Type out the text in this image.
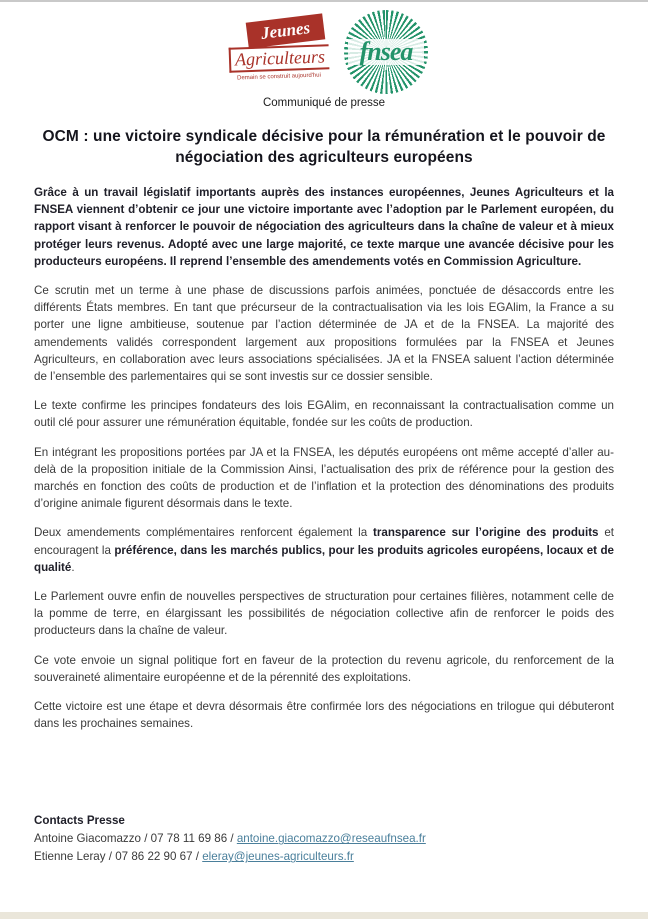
Jeunes
Agriculteurs
Demain se construit aujourd'hui
fnsea
Communiqué de presse
OCM : une victoire syndicale décisive pour la rémunération et le pouvoir de négociation des agriculteurs européens

Grâce à un travail législatif importants auprès des instances européennes, Jeunes Agriculteurs et la FNSEA viennent d’obtenir ce jour une victoire importante avec l’adoption par le Parlement européen, du rapport visant à renforcer le pouvoir de négociation des agriculteurs dans la chaîne de valeur et à mieux protéger leurs revenus. Adopté avec une large majorité, ce texte marque une avancée décisive pour les producteurs européens. Il reprend l’ensemble des amendements votés en Commission Agriculture.

Ce scrutin met un terme à une phase de discussions parfois animées, ponctuée de désaccords entre les différents États membres. En tant que précurseur de la contractualisation via les lois EGAlim, la France a su porter une ligne ambitieuse, soutenue par l’action déterminée de JA et de la FNSEA. La majorité des amendements validés correspondent largement aux propositions formulées par la FNSEA et Jeunes Agriculteurs, en collaboration avec leurs associations spécialisées. JA et la FNSEA saluent l’action déterminée de l’ensemble des parlementaires qui se sont investis sur ce dossier sensible.

Le texte confirme les principes fondateurs des lois EGAlim, en reconnaissant la contractualisation comme un outil clé pour assurer une rémunération équitable, fondée sur les coûts de production.

En intégrant les propositions portées par JA et la FNSEA, les députés européens ont même accepté d’aller au-delà de la proposition initiale de la Commission Ainsi, l’actualisation des prix de référence pour la gestion des marchés en fonction des coûts de production et de l’inflation et la protection des dénominations des produits d’origine animale figurent désormais dans le texte.

Deux amendements complémentaires renforcent également la transparence sur l’origine des produits et encouragent la préférence, dans les marchés publics, pour les produits agricoles européens, locaux et de qualité.

Le Parlement ouvre enfin de nouvelles perspectives de structuration pour certaines filières, notamment celle de la pomme de terre, en élargissant les possibilités de négociation collective afin de renforcer le poids des producteurs dans la chaîne de valeur.

Ce vote envoie un signal politique fort en faveur de la protection du revenu agricole, du renforcement de la souveraineté alimentaire européenne et de la pérennité des exploitations.

Cette victoire est une étape et devra désormais être confirmée lors des négociations en trilogue qui débuteront dans les prochaines semaines.

Contacts Presse
Antoine Giacomazzo / 07 78 11 69 86 / antoine.giacomazzo@reseaufnsea.fr
Etienne Leray / 07 86 22 90 67 / eleray@jeunes-agriculteurs.fr
